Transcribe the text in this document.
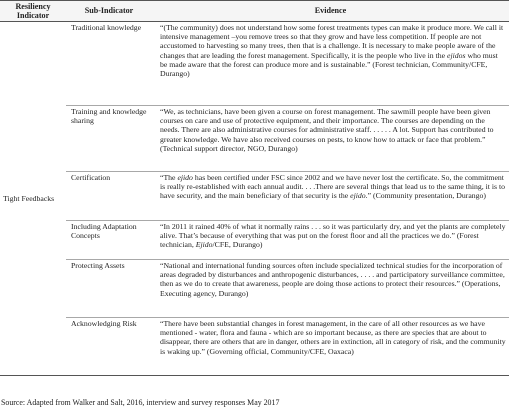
Resiliency Indicator	Sub-Indicator	Evidence
Tight Feedbacks	Traditional knowledge	“(The community) does not understand how some forest treatments types can make it produce more. We call it intensive management –you remove trees so that they grow and have less competition. If people are not accustomed to harvesting so many trees, then that is a challenge. It is necessary to make people aware of the changes that are leading the forest management. Specifically, it is the people who live in the ejidos who must be made aware that the forest can produce more and is sustainable.” (Forest technician, Community/CFE, Durango)
	Training and knowledge sharing	“We, as technicians, have been given a course on forest management. The sawmill people have been given courses on care and use of protective equipment, and their importance. The courses are depending on the needs. There are also administrative courses for administrative staff. . . . . . A lot. Support has contributed to greater knowledge. We have also received courses on pests, to know how to attack or face that problem.” (Technical support director, NGO, Durango)
	Certification	“The ejido has been certified under FSC since 2002 and we have never lost the certificate. So, the commitment is really re-established with each annual audit. . . .There are several things that lead us to the same thing, it is to have security, and the main beneficiary of that security is the ejido.” (Community presentation, Durango)
	Including Adaptation Concepts	“In 2011 it rained 40% of what it normally rains . . . so it was particularly dry, and yet the plants are completely alive. That’s because of everything that was put on the forest floor and all the practices we do.” (Forest technician, Ejido/CFE, Durango)
	Protecting Assets	“National and international funding sources often include specialized technical studies for the incorporation of areas degraded by disturbances and anthropogenic disturbances, . . . . and participatory surveillance committee, then as we do to create that awareness, people are doing those actions to protect their resources.” (Operations, Executing agency, Durango)
	Acknowledging Risk	“There have been substantial changes in forest management, in the care of all other resources as we have mentioned - water, flora and fauna - which are so important because, as there are species that are about to disappear, there are others that are in danger, others are in extinction, all in category of risk, and the community is waking up.” (Governing official, Community/CFE, Oaxaca)
Source: Adapted from Walker and Salt, 2016, interview and survey responses May 2017
